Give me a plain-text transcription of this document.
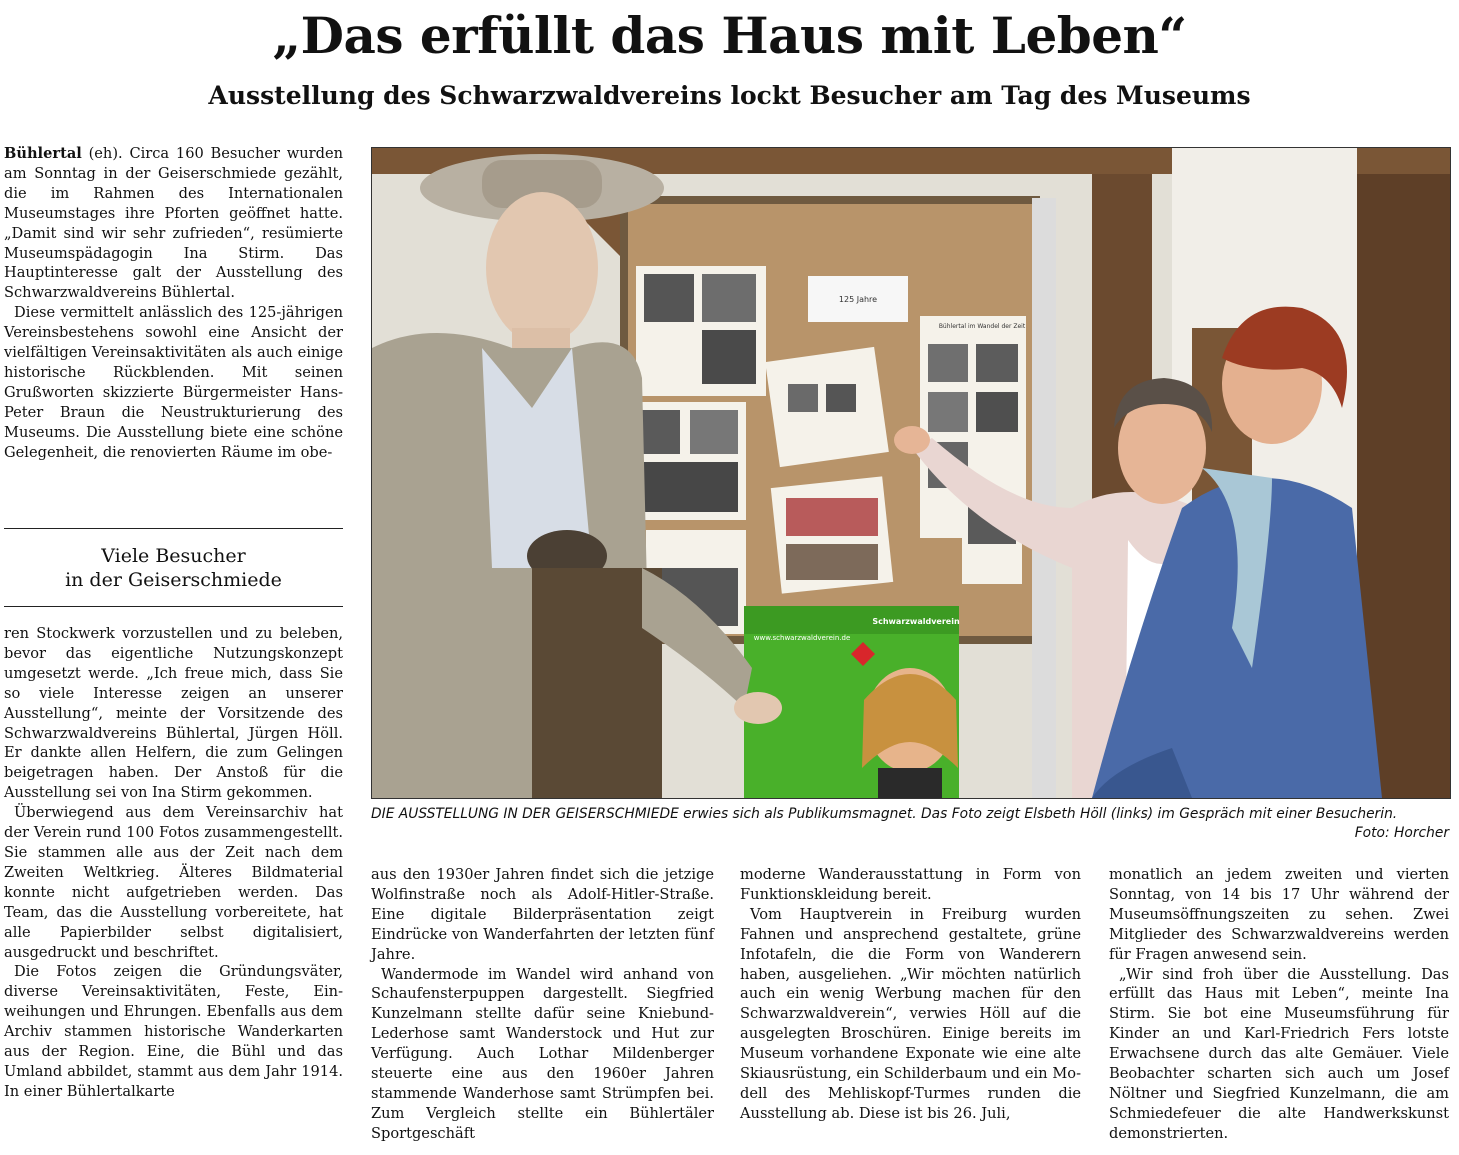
„Das erfüllt das Haus mit Leben“
Ausstellung des Schwarzwaldvereins lockt Besucher am Tag des Museums

Bühlertal (eh). Circa 160 Besucher wurden am Sonntag in der Geiserschmiede gezählt, die im Rahmen des Internationalen Museumstages ihre Pforten geöffnet hatte. „Damit sind wir sehr zufrieden“, resümierte Museumspädagogin Ina Stirm. Das Hauptinteresse galt der Ausstellung des Schwarzwaldvereins Bühlertal.

Diese vermittelt anlässlich des 125-jährigen Vereinsbestehens sowohl eine Ansicht der vielfältigen Vereinsaktivitäten als auch einige historische Rückblenden. Mit seinen Grußworten skizzierte Bürgermeister Hans-Peter Braun die Neustrukturierung des Museums. Die Ausstellung biete eine schöne Gelegenheit, die renovierten Räume im obe-

Viele Besucher
in der Geiserschmiede

ren Stockwerk vorzustellen und zu beleben, bevor das eigentliche Nutzungskonzept umgesetzt werde. „Ich freue mich, dass Sie so viele Interesse zeigen an unserer Ausstellung“, meinte der Vorsitzende des Schwarzwaldvereins Bühlertal, Jürgen Höll. Er dankte allen Helfern, die zum Gelingen beigetragen haben. Der Anstoß für die Ausstellung sei von Ina Stirm gekommen.

Überwiegend aus dem Vereinsarchiv hat der Verein rund 100 Fotos zusammengestellt. Sie stammen alle aus der Zeit nach dem Zweiten Weltkrieg. Älteres Bildmaterial konnte nicht aufgetrieben werden. Das Team, das die Ausstellung vorbereitete, hat alle Papierbilder selbst digitalisiert, ausgedruckt und beschriftet.

Die Fotos zeigen die Gründungsväter, diverse Vereinsaktivitäten, Feste, Einweihungen und Ehrungen. Ebenfalls aus dem Archiv stammen historische Wanderkarten aus der Region. Eine, die Bühl und das Umland abbildet, stammt aus dem Jahr 1914. In einer Bühlertalkarte

125 Jahre
Bühlertal im Wandel der Zeit
Schwarzwaldverein
www.schwarzwaldverein.de
DIE AUSSTELLUNG IN DER GEISERSCHMIEDE erwies sich als Publikumsmagnet. Das Foto zeigt Elsbeth Höll (links) im Gespräch mit einer Besucherin.
Foto: Horcher

aus den 1930er Jahren findet sich die jetzige Wolfinstraße noch als Adolf-Hitler-Straße. Eine digitale Bilderpräsentation zeigt Eindrücke von Wanderfahrten der letzten fünf Jahre.

Wandermode im Wandel wird anhand von Schaufensterpuppen dargestellt. Siegfried Kunzelmann stellte dafür seine Kniebund-Lederhose samt Wanderstock und Hut zur Verfügung. Auch Lothar Mildenberger steuerte eine aus den 1960er Jahren stammende Wanderhose samt Strümpfen bei. Zum Vergleich stellte ein Bühlertäler Sportgeschäft

moderne Wanderausstattung in Form von Funktionskleidung bereit.

Vom Hauptverein in Freiburg wurden Fahnen und ansprechend gestaltete, grüne Infotafeln, die die Form von Wanderern haben, ausgeliehen. „Wir möchten natürlich auch ein wenig Werbung machen für den Schwarzwaldverein“, verwies Höll auf die ausgelegten Broschüren. Einige bereits im Museum vorhandene Exponate wie eine alte Skiausrüstung, ein Schilderbaum und ein Modell des Mehliskopf-Turmes runden die Ausstellung ab. Diese ist bis 26. Juli,

monatlich an jedem zweiten und vierten Sonntag, von 14 bis 17 Uhr während der Museumsöffnungszeiten zu sehen. Zwei Mitglieder des Schwarzwaldvereins werden für Fragen anwesend sein.

„Wir sind froh über die Ausstellung. Das erfüllt das Haus mit Leben“, meinte Ina Stirm. Sie bot eine Museumsführung für Kinder an und Karl-Friedrich Fers lotste Erwachsene durch das alte Gemäuer. Viele Beobachter scharten sich auch um Josef Nöltner und Siegfried Kunzelmann, die am Schmiedefeuer die alte Handwerkskunst demonstrierten.
